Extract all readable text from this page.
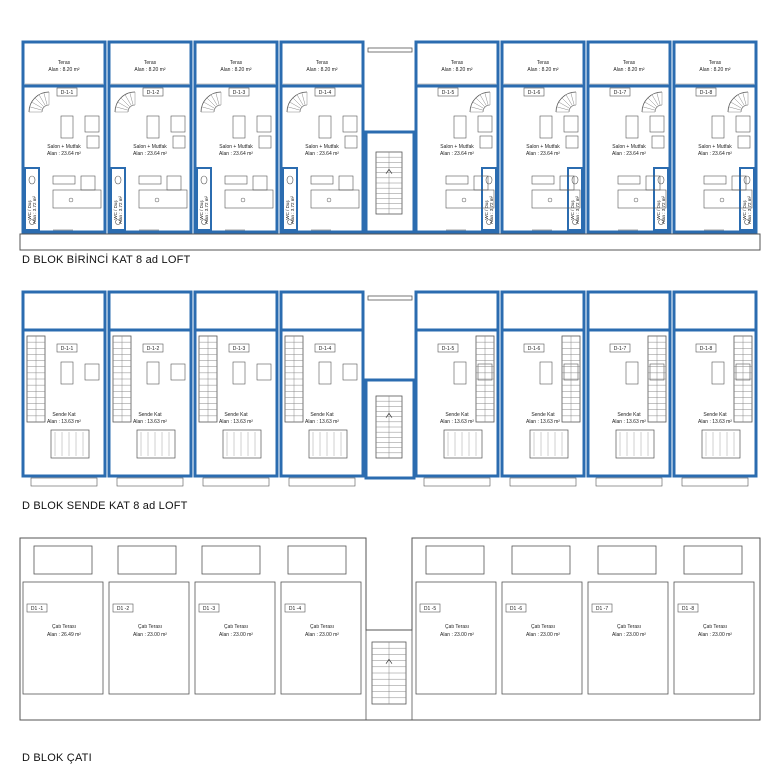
Teras
Alan : 8.20 m²
D-1-1
Salon + Mutfak
Alan : 23.64 m²
WC / Duş Alan : 3.72 m²
Teras
Alan : 8.20 m²
D-1-2
Salon + Mutfak
Alan : 23.64 m²
WC / Duş Alan : 3.72 m²
Teras
Alan : 8.20 m²
D-1-3
Salon + Mutfak
Alan : 23.64 m²
WC / Duş Alan : 3.72 m²
Teras
Alan : 8.20 m²
D-1-4
Salon + Mutfak
Alan : 23.64 m²
WC / Duş Alan : 3.72 m²
Teras
Alan : 8.20 m²
D-1-5
Salon + Mutfak
Alan : 23.64 m²
WC / Duş Alan : 3.72 m²
Teras
Alan : 8.20 m²
D-1-6
Salon + Mutfak
Alan : 23.64 m²
WC / Duş Alan : 3.72 m²
Teras
Alan : 8.20 m²
D-1-7
Salon + Mutfak
Alan : 23.64 m²
WC / Duş Alan : 3.72 m²
Teras
Alan : 8.20 m²
D-1-8
Salon + Mutfak
Alan : 23.64 m²
WC / Duş Alan : 3.72 m²
D-1-1
Sende Kat
Alan : 13.63 m²
D-1-2
Sende Kat
Alan : 13.63 m²
D-1-3
Sende Kat
Alan : 13.63 m²
D-1-4
Sende Kat
Alan : 13.63 m²
D-1-5
Sende Kat
Alan : 13.63 m²
D-1-6
Sende Kat
Alan : 13.63 m²
D-1-7
Sende Kat
Alan : 13.63 m²
D-1-8
Sende Kat
Alan : 13.63 m²
D1 -1
Çatı Terası
Alan : 26.49 m²
D1 -2
Çatı Terası
Alan : 23.00 m²
D1 -3
Çatı Terası
Alan : 23.00 m²
D1 -4
Çatı Terası
Alan : 23.00 m²
D1 -5
Çatı Terası
Alan : 23.00 m²
D1 -6
Çatı Terası
Alan : 23.00 m²
D1 -7
Çatı Terası
Alan : 23.00 m²
D1 -8
Çatı Terası
Alan : 23.00 m²
D BLOK BİRİNCİ KAT 8 ad LOFT
D BLOK SENDE KAT 8 ad LOFT
D BLOK ÇATI
